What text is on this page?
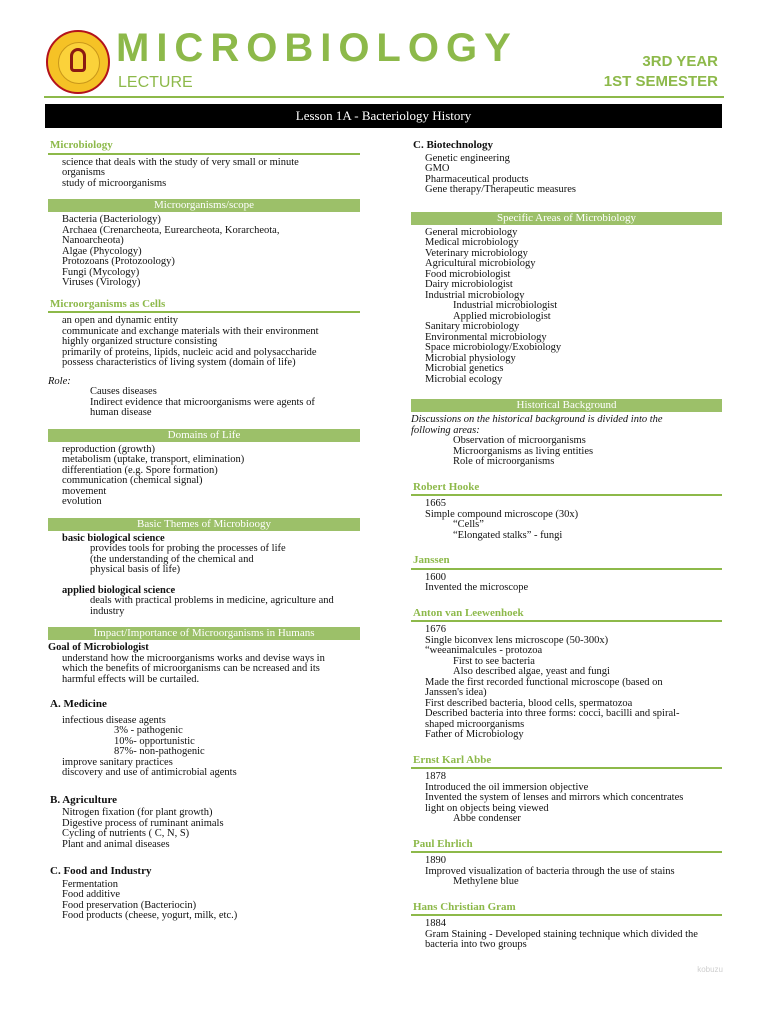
MICROBIOLOGY
LECTURE
3RD YEAR
1ST SEMESTER
Lesson 1A - Bacteriology History
Microbiology
science that deals with the study of very small or minute
organisms
study of microorganisms
Microorganisms/scope
Bacteria (Bacteriology)
Archaea (Crenarcheota, Eurearcheota, Korarcheota,
Nanoarcheota)
Algae (Phycology)
Protozoans (Protozoology)
Fungi (Mycology)
Viruses (Virology)
Microorganisms as Cells
an open and dynamic entity
communicate and exchange materials with their environment
highly organized structure consisting
primarily of proteins, lipids, nucleic acid and polysaccharide
possess characteristics of living system (domain of life)
Role:
Causes diseases
Indirect evidence that microorganisms were agents of
human disease
Domains of Life
reproduction (growth)
metabolism (uptake, transport, elimination)
differentiation (e.g. Spore formation)
communication (chemical signal)
movement
evolution
Basic Themes of Microbioogy
basic biological science
provides tools for probing the processes of life
(the understanding of the chemical and
physical basis of life)
applied biological science
deals with practical problems in medicine, agriculture and
industry
Impact/Importance of Microorganisms in Humans
Goal of Microbiologist
understand how the microorganisms works and devise ways in
which the benefits of microorganisms can be ncreased and its
harmful effects will be curtailed.
A. Medicine
infectious disease agents
3% - pathogenic
10%- opportunistic
87%- non-pathogenic
improve sanitary practices
discovery and use of antimicrobial agents
B. Agriculture
Nitrogen fixation (for plant growth)
Digestive process of ruminant animals
Cycling of nutrients ( C, N, S)
Plant and animal diseases
C. Food and Industry
Fermentation
Food additive
Food preservation (Bacteriocin)
Food products (cheese, yogurt, milk, etc.)
C. Biotechnology
Genetic engineering
GMO
Pharmaceutical products
Gene therapy/Therapeutic measures
Specific Areas of Microbiology
General microbiology
Medical microbiology
Veterinary microbiology
Agricultural microbiology
Food microbiologist
Dairy microbiologist
Industrial microbiology
Industrial microbiologist
Applied microbiologist
Sanitary microbiology
Environmental microbiology
Space microbiology/Exobiology
Microbial physiology
Microbial genetics
Microbial ecology
Historical Background
Discussions on the historical background is divided into the
following areas:
Observation of microorganisms
Microorganisms as living entities
Role of microorganisms
Robert Hooke
1665
Simple compound microscope (30x)
“Cells”
“Elongated stalks” - fungi
Janssen
1600
Invented the microscope
Anton van Leewenhoek
1676
Single biconvex lens microscope (50-300x)
“weeanimalcules - protozoa
First to see bacteria
Also described algae, yeast and fungi
Made the first recorded functional microscope (based on
Janssen's idea)
First described bacteria, blood cells, spermatozoa
Described bacteria into three forms: cocci, bacilli and spiral-
shaped microorganisms
Father of Microbiology
Ernst Karl Abbe
1878
Introduced the oil immersion objective
Invented the system of lenses and mirrors which concentrates
light on objects being viewed
Abbe condenser
Paul Ehrlich
1890
Improved visualization of bacteria through the use of stains
Methylene blue
Hans Christian Gram
1884
Gram Staining - Developed staining technique which divided the
bacteria into two groups
kobuzu
